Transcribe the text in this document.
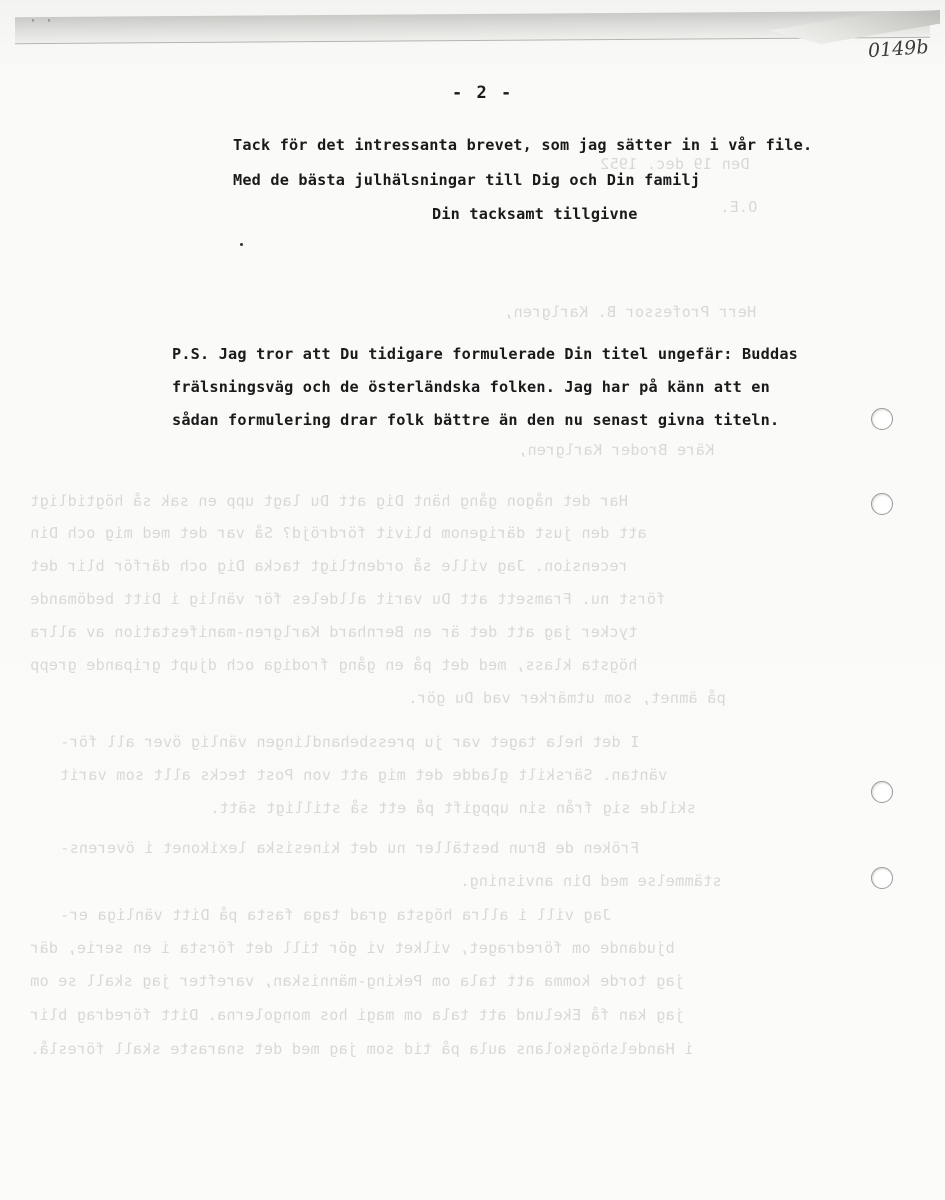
' '
O.E.
Den 19 dec. 1952
Herr Professor B. Karlgren,
Käre Broder Karlgren,
Har det någon gång hänt Dig att Du lagt upp en sak så högtidligt
att den just därigenom blivit fördröjd? Så var det med mig och Din
recension. Jag ville så ordentligt tacka Dig och därför blir det
först nu. Framsett att Du varit alldeles för vänlig i Ditt bedömande
tycker jag att det är en Bernhard Karlgren-manifestation av allra
högsta klass, med det på en gång frodiga och djupt gripande grepp
på ämnet, som utmärker vad Du gör.
I det hela taget var ju pressbehandlingen vänlig över all för-
väntan. Särskilt gladde det mig att von Post tecks allt som varit
skilde sig från sin uppgift på ett så stilligt sätt.
Fröken de Brun beställer nu det kinesiska lexikonet i överens-
stämmelse med Din anvisning.
Jag vill i allra högsta grad taga fasta på Ditt vänliga er-
bjudande om föredraget, vilket vi gör till det första i en serie, där
jag torde komma att tala om Peking-människan, varefter jag skall se om
jag kan få Ekelund att tala om magi hos mongolerna. Ditt föredrag blir
i Handelshögskolans aula på tid som jag med det snaraste skall föreslå.
0149b
- 2 -
Tack för det intressanta brevet, som jag sätter in i vår file.
Med de bästa julhälsningar till Dig och Din familj
Din tacksamt tillgivne
P.S. Jag tror att Du tidigare formulerade Din titel ungefär: Buddas
frälsningsväg och de österländska folken. Jag har på känn att en
sådan formulering drar folk bättre än den nu senast givna titeln.
